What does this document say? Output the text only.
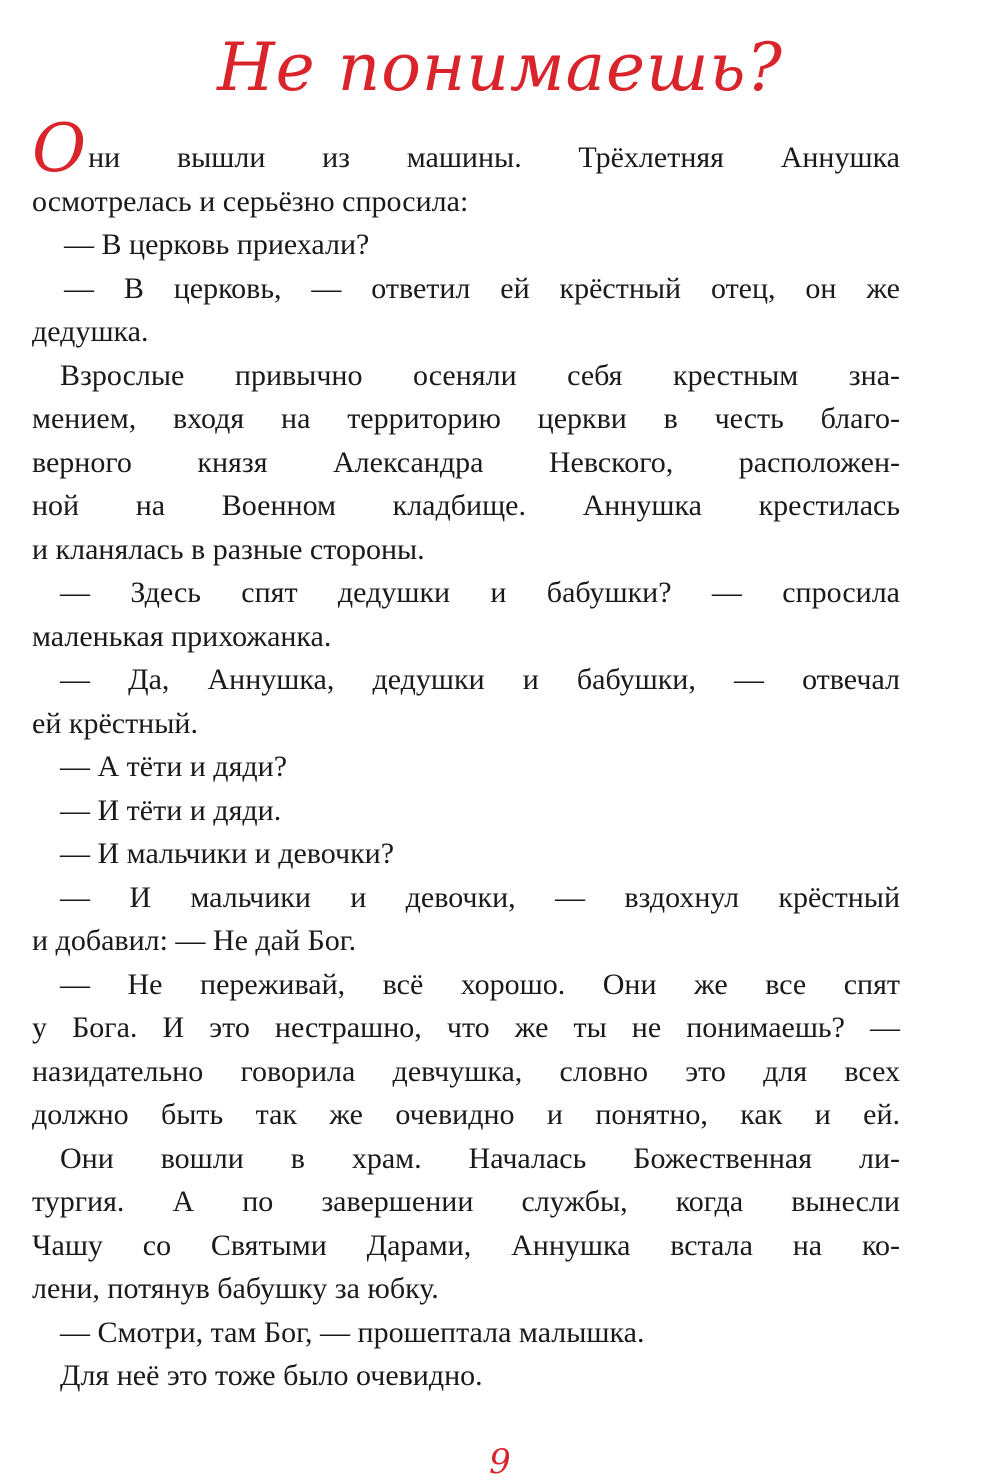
Не понимаешь?
Они вышли из машины. Трёхлетняя Аннушка
осмотрелась и серьёзно спросила:
— В церковь приехали?
— В церковь, — ответил ей крёстный отец, он же
дедушка.
Взрослые привычно осеняли себя крестным зна-
мением, входя на территорию церкви в честь благо-
верного князя Александра Невского, расположен-
ной на Военном кладбище. Аннушка крестилась
и кланялась в разные стороны.
— Здесь спят дедушки и бабушки? — спросила
маленькая прихожанка.
— Да, Аннушка, дедушки и бабушки, — отвечал
ей крёстный.
— А тёти и дяди?
— И тёти и дяди.
— И мальчики и девочки?
— И мальчики и девочки, — вздохнул крёстный
и добавил: — Не дай Бог.
— Не переживай, всё хорошо. Они же все спят
у Бога. И это нестрашно, что же ты не понимаешь? —
назидательно говорила девчушка, словно это для всех
должно быть так же очевидно и понятно, как и ей.
Они вошли в храм. Началась Божественная ли-
тургия. А по завершении службы, когда вынесли
Чашу со Святыми Дарами, Аннушка встала на ко-
лени, потянув бабушку за юбку.
— Смотри, там Бог, — прошептала малышка.
Для неё это тоже было очевидно.
9
